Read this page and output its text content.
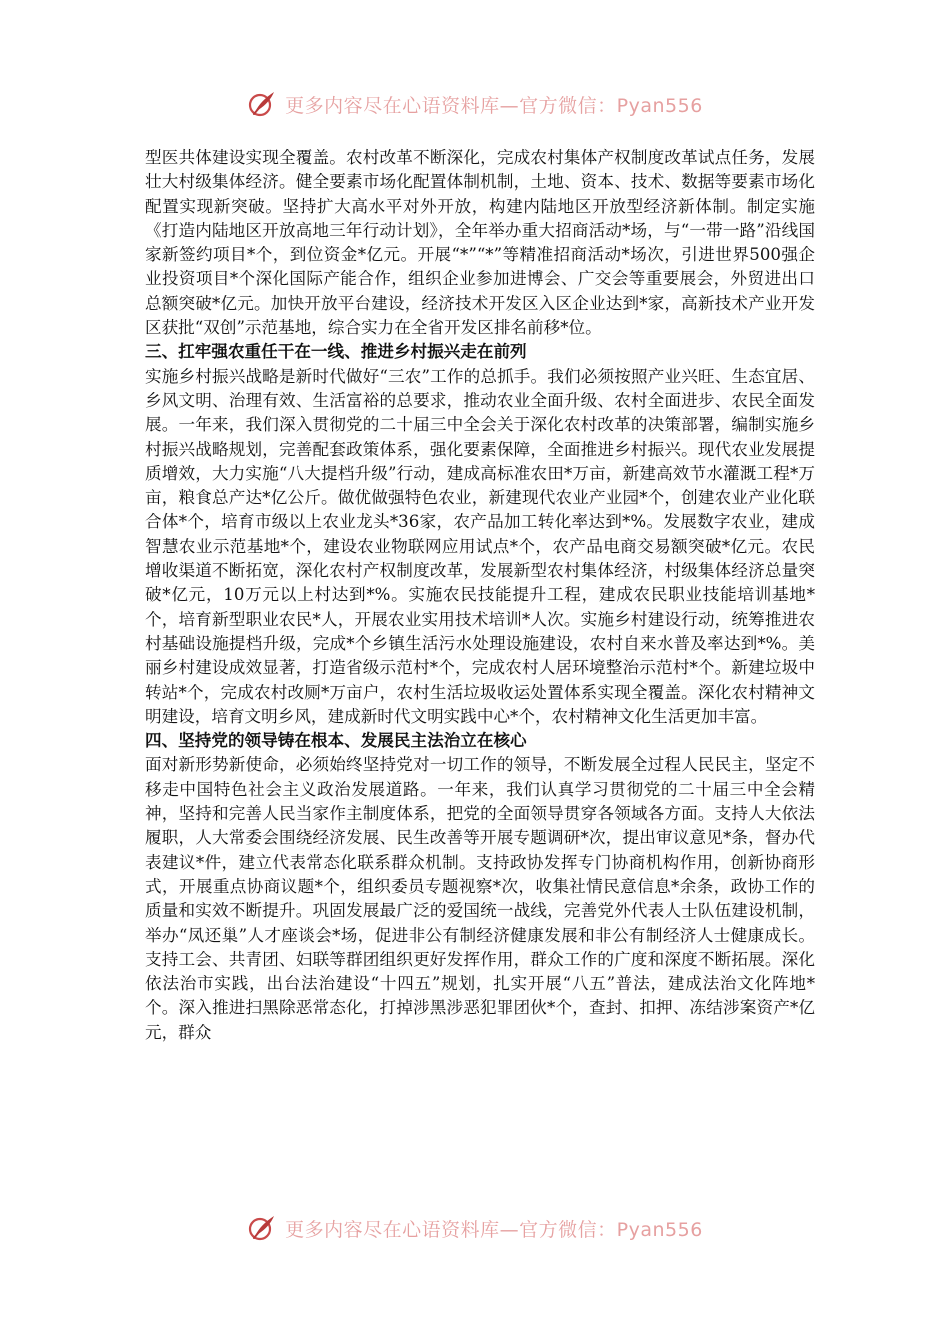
更多内容尽在心语资料库—官方微信：Pyan556

型医共体建设实现全覆盖。农村改革不断深化，完成农村集体产权制度改革试点任务，发展壮大村级集体经济。健全要素市场化配置体制机制，土地、资本、技术、数据等要素市场化配置实现新突破。坚持扩大高水平对外开放，构建内陆地区开放型经济新体制。制定实施《打造内陆地区开放高地三年行动计划》，全年举办重大招商活动*场，与“一带一路”沿线国家新签约项目*个，到位资金*亿元。开展“*”“*”等精准招商活动*场次，引进世界500强企业投资项目*个深化国际产能合作，组织企业参加进博会、广交会等重要展会，外贸进出口总额突破*亿元。加快开放平台建设，经济技术开发区入区企业达到*家，高新技术产业开发区获批“双创”示范基地，综合实力在全省开发区排名前移*位。

三、扛牢强农重任干在一线、推进乡村振兴走在前列

实施乡村振兴战略是新时代做好“三农”工作的总抓手。我们必须按照产业兴旺、生态宜居、乡风文明、治理有效、生活富裕的总要求，推动农业全面升级、农村全面进步、农民全面发展。一年来，我们深入贯彻党的二十届三中全会关于深化农村改革的决策部署，编制实施乡村振兴战略规划，完善配套政策体系，强化要素保障，全面推进乡村振兴。现代农业发展提质增效，大力实施“八大提档升级”行动，建成高标准农田*万亩，新建高效节水灌溉工程*万亩，粮食总产达*亿公斤。做优做强特色农业，新建现代农业产业园*个，创建农业产业化联合体*个，培育市级以上农业龙头*36家，农产品加工转化率达到*%。发展数字农业，建成智慧农业示范基地*个，建设农业物联网应用试点*个，农产品电商交易额突破*亿元。农民增收渠道不断拓宽，深化农村产权制度改革，发展新型农村集体经济，村级集体经济总量突破*亿元，10万元以上村达到*%。实施农民技能提升工程，建成农民职业技能培训基地*个，培育新型职业农民*人，开展农业实用技术培训*人次。实施乡村建设行动，统筹推进农村基础设施提档升级，完成*个乡镇生活污水处理设施建设，农村自来水普及率达到*%。美丽乡村建设成效显著，打造省级示范村*个，完成农村人居环境整治示范村*个。新建垃圾中转站*个，完成农村改厕*万亩户，农村生活垃圾收运处置体系实现全覆盖。深化农村精神文明建设，培育文明乡风，建成新时代文明实践中心*个，农村精神文化生活更加丰富。

四、坚持党的领导铸在根本、发展民主法治立在核心

面对新形势新使命，必须始终坚持党对一切工作的领导，不断发展全过程人民民主，坚定不移走中国特色社会主义政治发展道路。一年来，我们认真学习贯彻党的二十届三中全会精神，坚持和完善人民当家作主制度体系，把党的全面领导贯穿各领域各方面。支持人大依法履职，人大常委会围绕经济发展、民生改善等开展专题调研*次，提出审议意见*条，督办代表建议*件，建立代表常态化联系群众机制。支持政协发挥专门协商机构作用，创新协商形式，开展重点协商议题*个，组织委员专题视察*次，收集社情民意信息*余条，政协工作的质量和实效不断提升。巩固发展最广泛的爱国统一战线，完善党外代表人士队伍建设机制，举办“凤还巢”人才座谈会*场，促进非公有制经济健康发展和非公有制经济人士健康成长。支持工会、共青团、妇联等群团组织更好发挥作用，群众工作的广度和深度不断拓展。深化依法治市实践，出台法治建设“十四五”规划，扎实开展“八五”普法，建成法治文化阵地*个。深入推进扫黑除恶常态化，打掉涉黑涉恶犯罪团伙*个，查封、扣押、冻结涉案资产*亿元，群众

更多内容尽在心语资料库—官方微信：Pyan556
